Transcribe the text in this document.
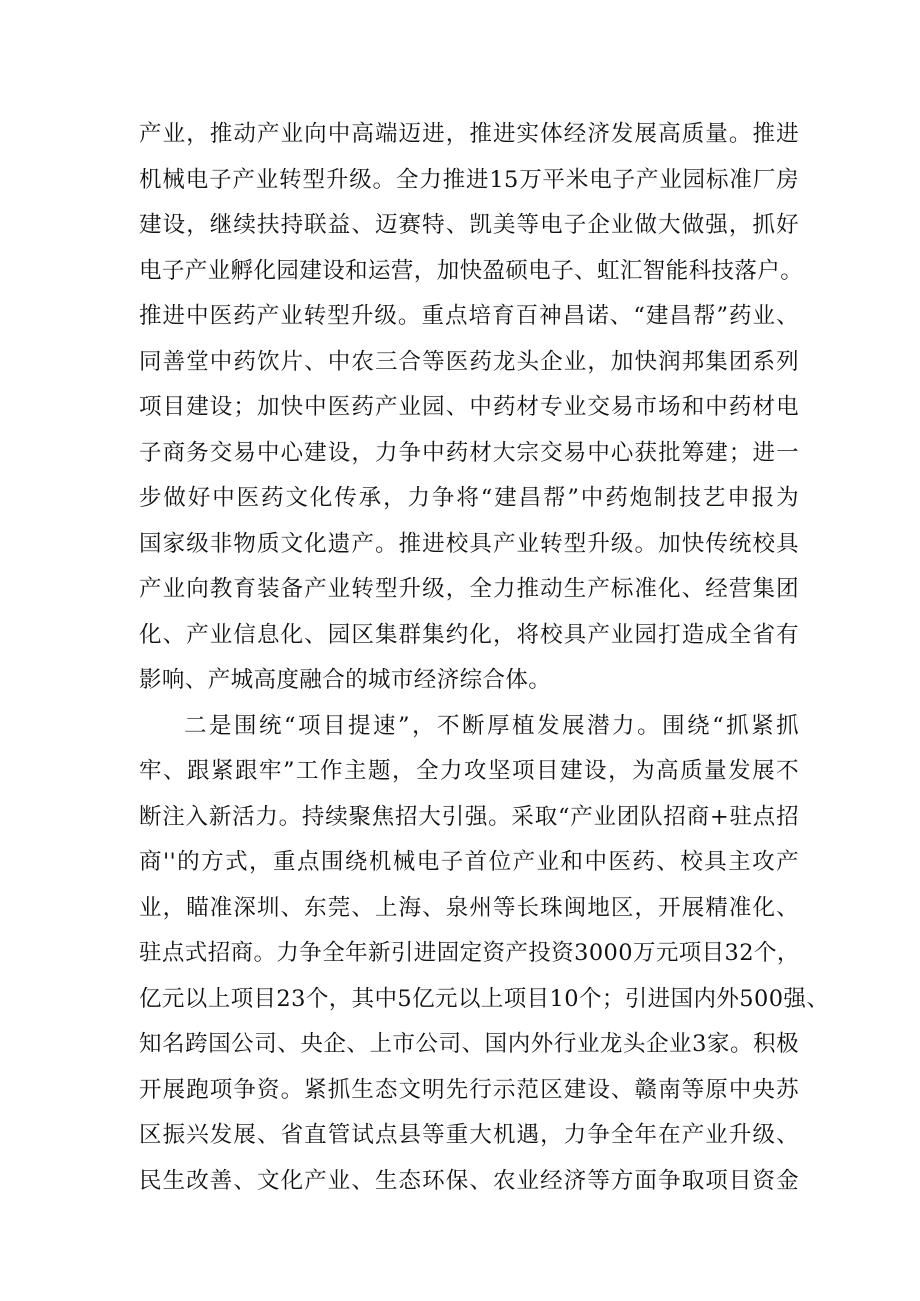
产业，推动产业向中高端迈进，推进实体经济发展高质量。推进
机械电子产业转型升级。全力推进15万平米电子产业园标准厂房
建设，继续扶持联益、迈赛特、凯美等电子企业做大做强，抓好
电子产业孵化园建设和运营，加快盈硕电子、虹汇智能科技落户。
推进中医药产业转型升级。重点培育百神昌诺、“建昌帮”药业、
同善堂中药饮片、中农三合等医药龙头企业，加快润邦集团系列
项目建设；加快中医药产业园、中药材专业交易市场和中药材电
子商务交易中心建设，力争中药材大宗交易中心获批筹建；进一
步做好中医药文化传承，力争将“建昌帮”中药炮制技艺申报为
国家级非物质文化遗产。推进校具产业转型升级。加快传统校具
产业向教育装备产业转型升级，全力推动生产标准化、经营集团
化、产业信息化、园区集群集约化，将校具产业园打造成全省有
影响、产城高度融合的城市经济综合体。
二是围统“项目提速”，不断厚植发展潜力。围绕“抓紧抓
牢、跟紧跟牢”工作主题，全力攻坚项目建设，为高质量发展不
断注入新活力。持续聚焦招大引强。采取“产业团队招商+驻点招
商''的方式，重点围绕机械电子首位产业和中医药、校具主攻产
业，瞄准深圳、东莞、上海、泉州等长珠闽地区，开展精准化、
驻点式招商。力争全年新引进固定资产投资3000万元项目32个，
亿元以上项目23个，其中5亿元以上项目10个；引进国内外500强、
知名跨国公司、央企、上市公司、国内外行业龙头企业3家。积极
开展跑项争资。紧抓生态文明先行示范区建设、赣南等原中央苏
区振兴发展、省直管试点县等重大机遇，力争全年在产业升级、
民生改善、文化产业、生态环保、农业经济等方面争取项目资金
